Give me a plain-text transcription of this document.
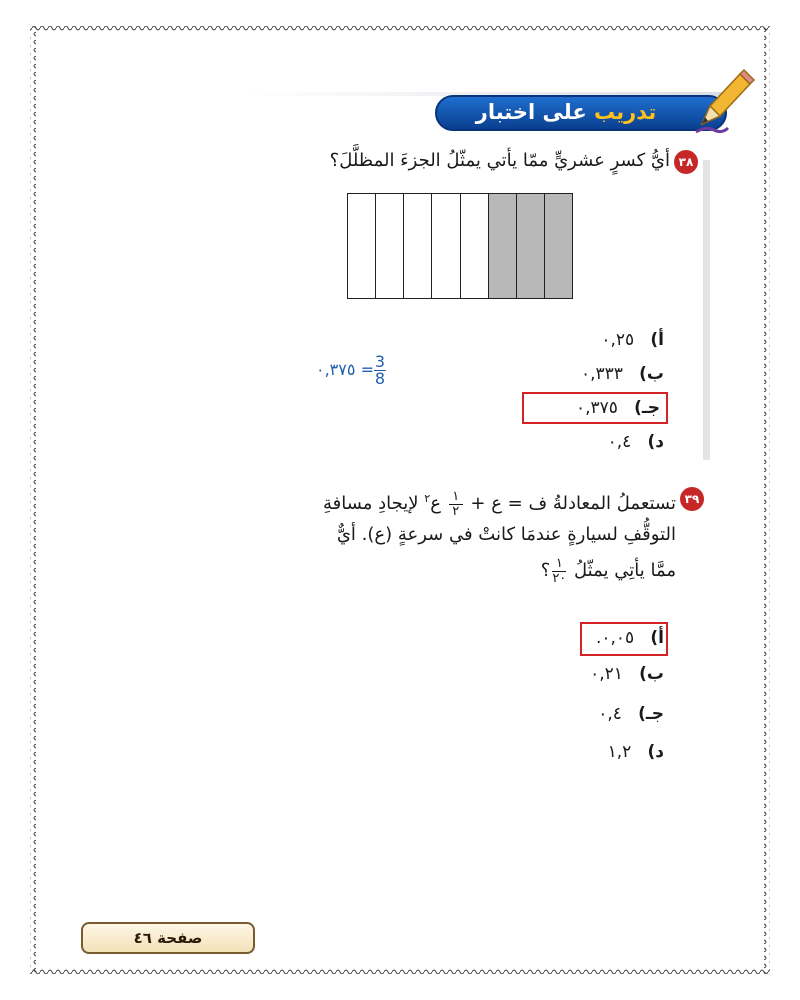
تدريب على اختبار
٣٨
أيُّ كسرٍ عشريٍّ ممّا يأتي يمثّلُ الجزءَ المظلَّلَ؟
أ)   ٠,٢٥
ب)   ٠,٣٣٣
جـ)   ٠,٣٧٥
د)   ٠,٤
٠,٣٧٥ = $\frac{3}{8}$
٣٩
تستعملُ المعادلةُ ف = ع +
$\frac{١}{٢}$
ع$^٢$ لإيجادِ مسافةِ
التوقُّفِ لسيارةٍ عندمَا كانتْ في سرعةٍ (ع). أيٌّ
ممَّا يأتِي يمثّلُ
$\frac{١}{٢٠}$
؟
أ)   ٠,٠٥.
ب)   ٠,٢١
جـ)   ٠,٤
د)   ١,٢
صفحة ٤٦
